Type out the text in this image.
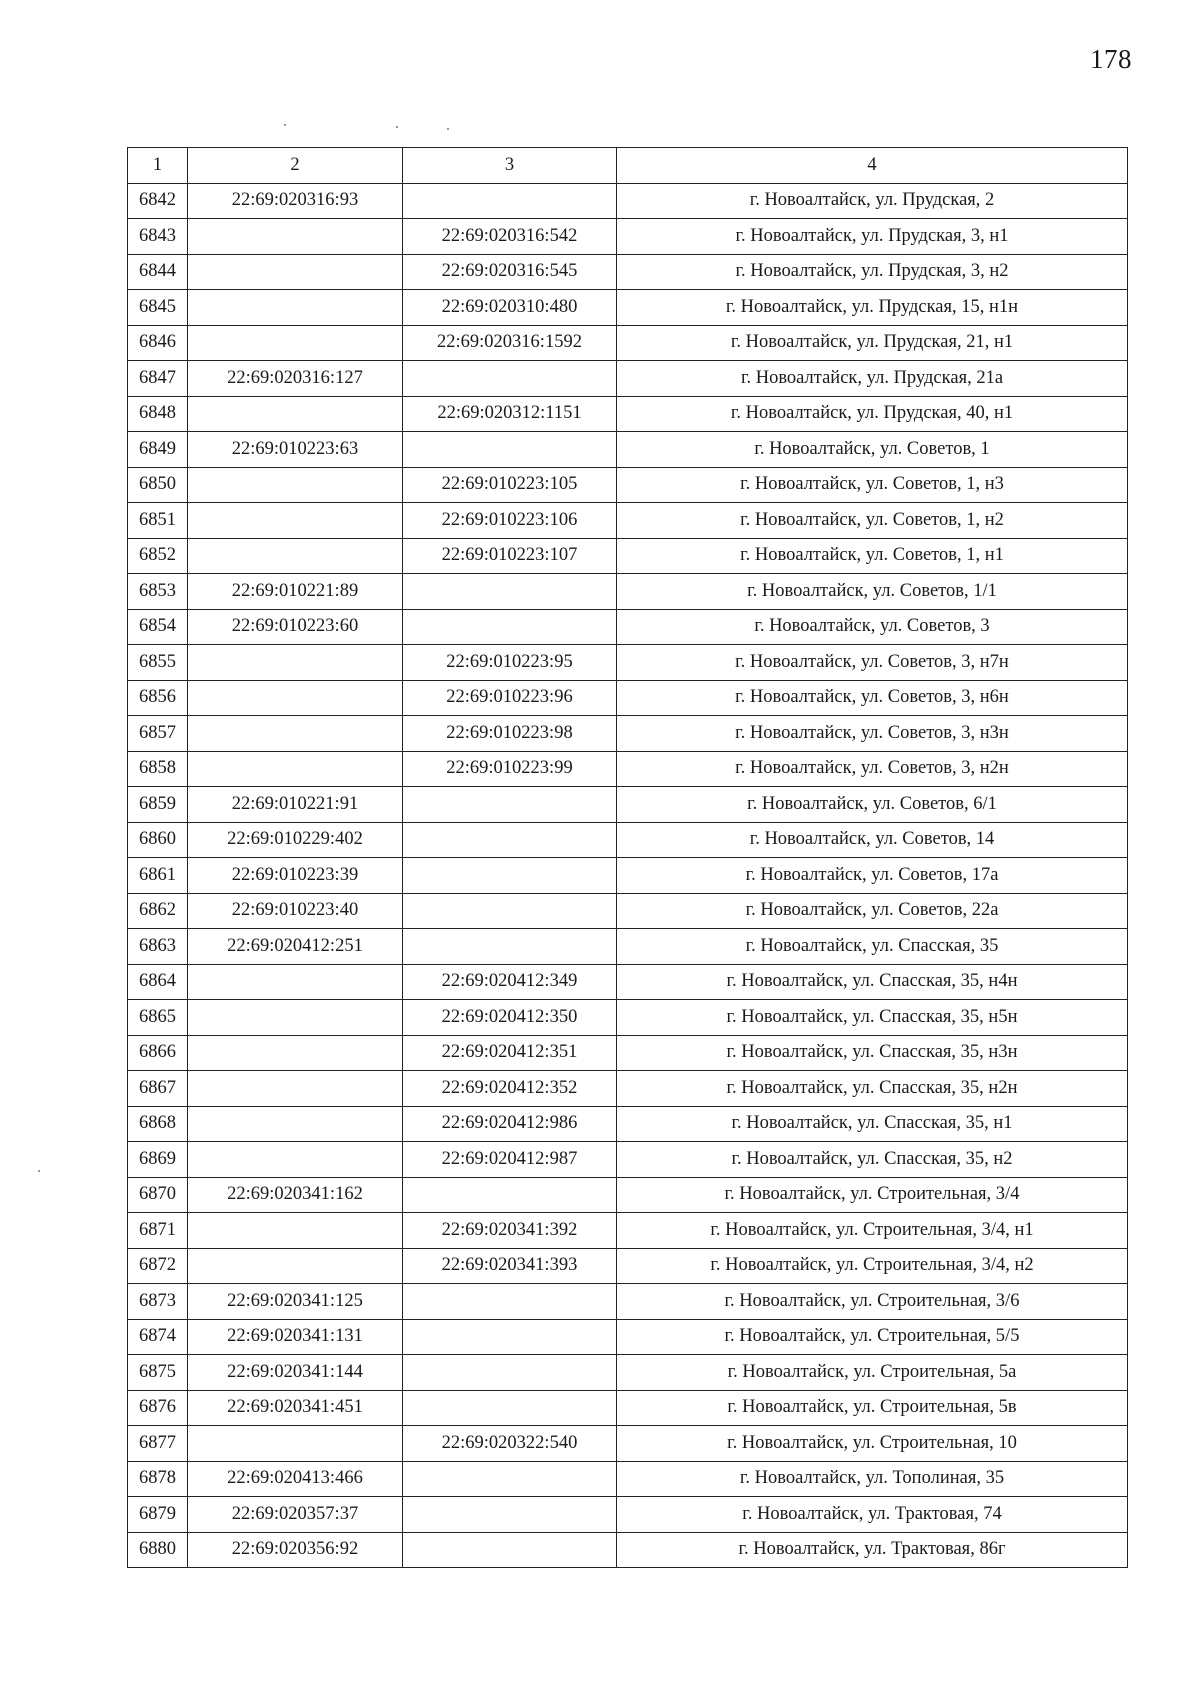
178
1	2	3	4
6842	22:69:020316:93		г. Новоалтайск, ул. Прудская, 2
6843		22:69:020316:542	г. Новоалтайск, ул. Прудская, 3, н1
6844		22:69:020316:545	г. Новоалтайск, ул. Прудская, 3, н2
6845		22:69:020310:480	г. Новоалтайск, ул. Прудская, 15, н1н
6846		22:69:020316:1592	г. Новоалтайск, ул. Прудская, 21, н1
6847	22:69:020316:127		г. Новоалтайск, ул. Прудская, 21а
6848		22:69:020312:1151	г. Новоалтайск, ул. Прудская, 40, н1
6849	22:69:010223:63		г. Новоалтайск, ул. Советов, 1
6850		22:69:010223:105	г. Новоалтайск, ул. Советов, 1, н3
6851		22:69:010223:106	г. Новоалтайск, ул. Советов, 1, н2
6852		22:69:010223:107	г. Новоалтайск, ул. Советов, 1, н1
6853	22:69:010221:89		г. Новоалтайск, ул. Советов, 1/1
6854	22:69:010223:60		г. Новоалтайск, ул. Советов, 3
6855		22:69:010223:95	г. Новоалтайск, ул. Советов, 3, н7н
6856		22:69:010223:96	г. Новоалтайск, ул. Советов, 3, н6н
6857		22:69:010223:98	г. Новоалтайск, ул. Советов, 3, н3н
6858		22:69:010223:99	г. Новоалтайск, ул. Советов, 3, н2н
6859	22:69:010221:91		г. Новоалтайск, ул. Советов, 6/1
6860	22:69:010229:402		г. Новоалтайск, ул. Советов, 14
6861	22:69:010223:39		г. Новоалтайск, ул. Советов, 17а
6862	22:69:010223:40		г. Новоалтайск, ул. Советов, 22а
6863	22:69:020412:251		г. Новоалтайск, ул. Спасская, 35
6864		22:69:020412:349	г. Новоалтайск, ул. Спасская, 35, н4н
6865		22:69:020412:350	г. Новоалтайск, ул. Спасская, 35, н5н
6866		22:69:020412:351	г. Новоалтайск, ул. Спасская, 35, н3н
6867		22:69:020412:352	г. Новоалтайск, ул. Спасская, 35, н2н
6868		22:69:020412:986	г. Новоалтайск, ул. Спасская, 35, н1
6869		22:69:020412:987	г. Новоалтайск, ул. Спасская, 35, н2
6870	22:69:020341:162		г. Новоалтайск, ул. Строительная, 3/4
6871		22:69:020341:392	г. Новоалтайск, ул. Строительная, 3/4, н1
6872		22:69:020341:393	г. Новоалтайск, ул. Строительная, 3/4, н2
6873	22:69:020341:125		г. Новоалтайск, ул. Строительная, 3/6
6874	22:69:020341:131		г. Новоалтайск, ул. Строительная, 5/5
6875	22:69:020341:144		г. Новоалтайск, ул. Строительная, 5а
6876	22:69:020341:451		г. Новоалтайск, ул. Строительная, 5в
6877		22:69:020322:540	г. Новоалтайск, ул. Строительная, 10
6878	22:69:020413:466		г. Новоалтайск, ул. Тополиная, 35
6879	22:69:020357:37		г. Новоалтайск, ул. Трактовая, 74
6880	22:69:020356:92		г. Новоалтайск, ул. Трактовая, 86г
